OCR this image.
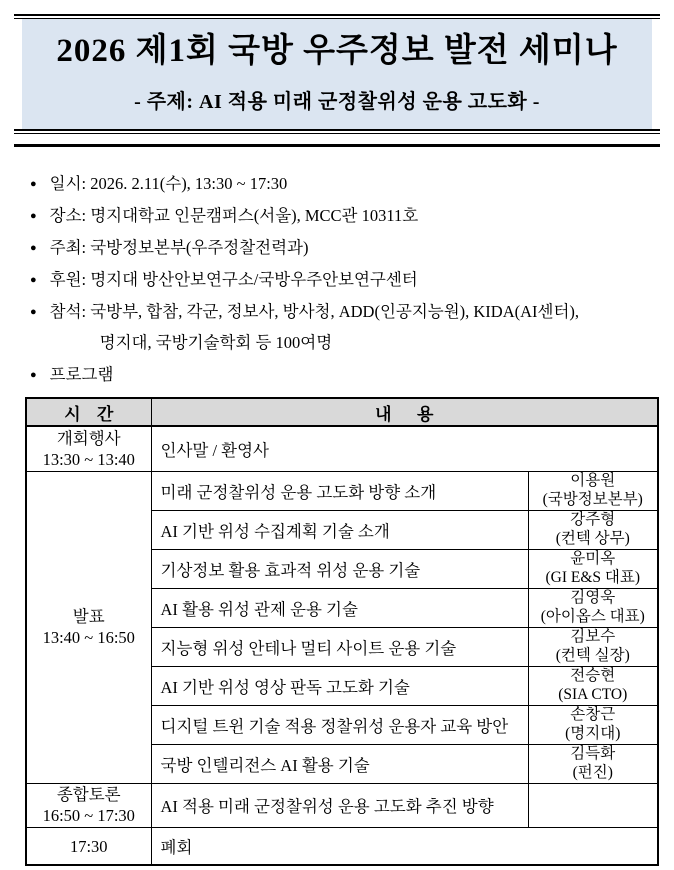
2026 제1회 국방 우주정보 발전 세미나
- 주제: AI 적용 미래 군정찰위성 운용 고도화 -
● 일시: 2026. 2.11(수), 13:30 ~ 17:30
● 장소: 명지대학교 인문캠퍼스(서울), MCC관 10311호
● 주최: 국방정보본부(우주정찰전력과)
● 후원: 명지대 방산안보연구소/국방우주안보연구센터
● 참석: 국방부, 합참, 각군, 정보사, 방사청, ADD(인공지능원), KIDA(AI센터),
명지대, 국방기술학회 등 100여명
● 프로그램
시 간	내      용	

개회행사
13:30 ~ 13:40	인사말 / 환영사	

발표
13:40 ~ 16:50
	미래 군정찰위성 운용 고도화 방향 소개	
이용원
(국방정보본부)

	AI 기반 위성 수집계획 기술 소개	강주형
(컨텍 상무)

	기상정보 활용 효과적 위성 운용 기술	윤미옥
(GI E&S 대표)

	AI 활용 위성 관제 운용 기술	김영욱
(아이옵스 대표)

	지능형 위성 안테나 멀티 사이트 운용 기술	김보수
(컨텍 실장)

	AI 기반 위성 영상 판독 고도화 기술	전승현
(SIA CTO)

	디지털 트윈 기술 적용 정찰위성 운용자 교육 방안	손창근
(명지대)

	국방 인텔리전스 AI 활용 기술	김득화
(펀진)

종합토론
16:50 ~ 17:30	AI 적용 미래 군정찰위성 운용 고도화 추진 방향	
17:30	폐회	
